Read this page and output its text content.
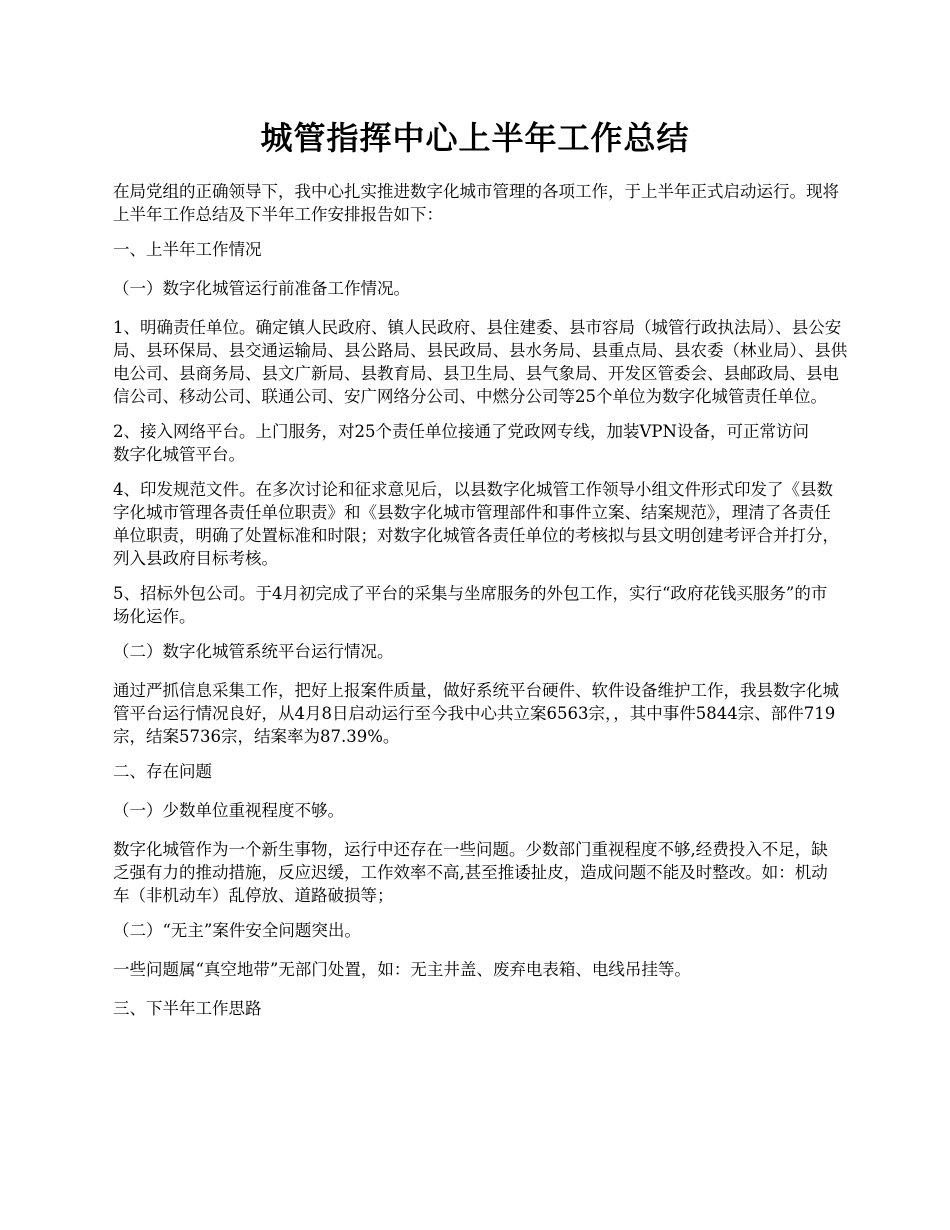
城管指挥中心上半年工作总结

在局党组的正确领导下，我中心扎实推进数字化城市管理的各项工作，于上半年正式启动运行。现将上半年工作总结及下半年工作安排报告如下：

一、上半年工作情况

（一）数字化城管运行前准备工作情况。

1、明确责任单位。确定镇人民政府、镇人民政府、县住建委、县市容局（城管行政执法局）、县公安局、县环保局、县交通运输局、县公路局、县民政局、县水务局、县重点局、县农委（林业局）、县供电公司、县商务局、县文广新局、县教育局、县卫生局、县气象局、开发区管委会、县邮政局、县电信公司、移动公司、联通公司、安广网络分公司、中燃分公司等25个单位为数字化城管责任单位。

2、接入网络平台。上门服务，对25个责任单位接通了党政网专线，加装VPN设备，可正常访问数字化城管平台。

4、印发规范文件。在多次讨论和征求意见后，以县数字化城管工作领导小组文件形式印发了《县数字化城市管理各责任单位职责》和《县数字化城市管理部件和事件立案、结案规范》，理清了各责任单位职责，明确了处置标准和时限；对数字化城管各责任单位的考核拟与县文明创建考评合并打分，列入县政府目标考核。

5、招标外包公司。于4月初完成了平台的采集与坐席服务的外包工作，实行“政府花钱买服务”的市场化运作。

（二）数字化城管系统平台运行情况。

通过严抓信息采集工作，把好上报案件质量，做好系统平台硬件、软件设备维护工作，我县数字化城管平台运行情况良好，从4月8日启动运行至今我中心共立案6563宗，，其中事件5844宗、部件719宗，结案5736宗，结案率为87.39%。

二、存在问题

（一）少数单位重视程度不够。

数字化城管作为一个新生事物，运行中还存在一些问题。少数部门重视程度不够,经费投入不足，缺乏强有力的推动措施，反应迟缓，工作效率不高,甚至推诿扯皮，造成问题不能及时整改。如：机动车（非机动车）乱停放、道路破损等；

（二）“无主”案件安全问题突出。

一些问题属“真空地带”无部门处置，如：无主井盖、废弃电表箱、电线吊挂等。

三、下半年工作思路
